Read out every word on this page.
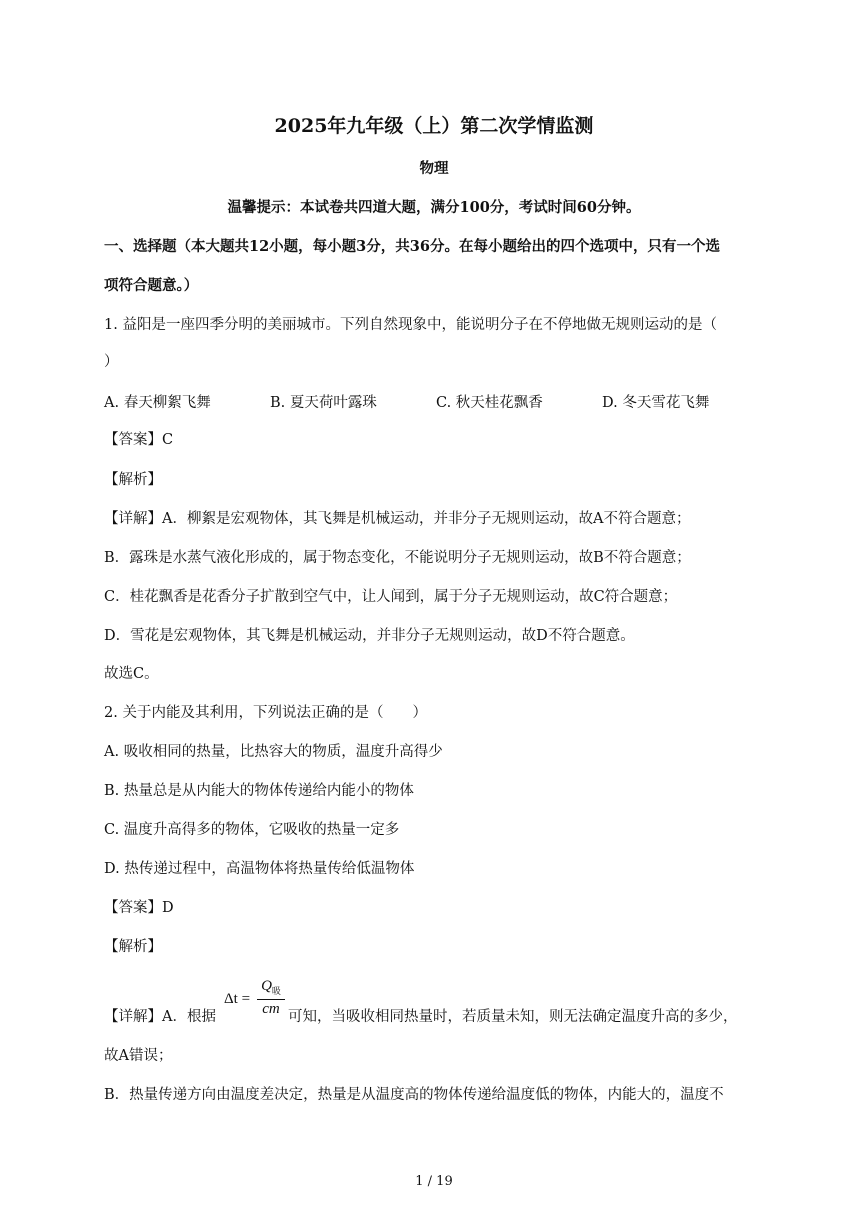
2025年九年级（上）第二次学情监测
物理
温馨提示：本试卷共四道大题，满分100分，考试时间60分钟。
一、选择题（本大题共12小题，每小题3分，共36分。在每小题给出的四个选项中，只有一个选
项符合题意。）
1. 益阳是一座四季分明的美丽城市。下列自然现象中，能说明分子在不停地做无规则运动的是（
）
A. 春天柳絮飞舞	B. 夏天荷叶露珠	C. 秋天桂花飘香	D. 冬天雪花飞舞
【答案】C
【解析】
【详解】A．柳絮是宏观物体，其飞舞是机械运动，并非分子无规则运动，故A不符合题意；
B．露珠是水蒸气液化形成的，属于物态变化，不能说明分子无规则运动，故B不符合题意；
C．桂花飘香是花香分子扩散到空气中，让人闻到，属于分子无规则运动，故C符合题意；
D．雪花是宏观物体，其飞舞是机械运动，并非分子无规则运动，故D不符合题意。
故选C。
2. 关于内能及其利用，下列说法正确的是（　　）
A. 吸收相同的热量，比热容大的物质，温度升高得少
B. 热量总是从内能大的物体传递给内能小的物体
C. 温度升高得多的物体，它吸收的热量一定多
D. 热传递过程中，高温物体将热量传给低温物体
【答案】D
【解析】
【详解】A．根据
Δt =
$Q_吸$
cm 可知，当吸收相同热量时，若质量未知，则无法确定温度升高的多少，
故A错误；
B．热量传递方向由温度差决定，热量是从温度高的物体传递给温度低的物体，内能大的，温度不
1 / 19
